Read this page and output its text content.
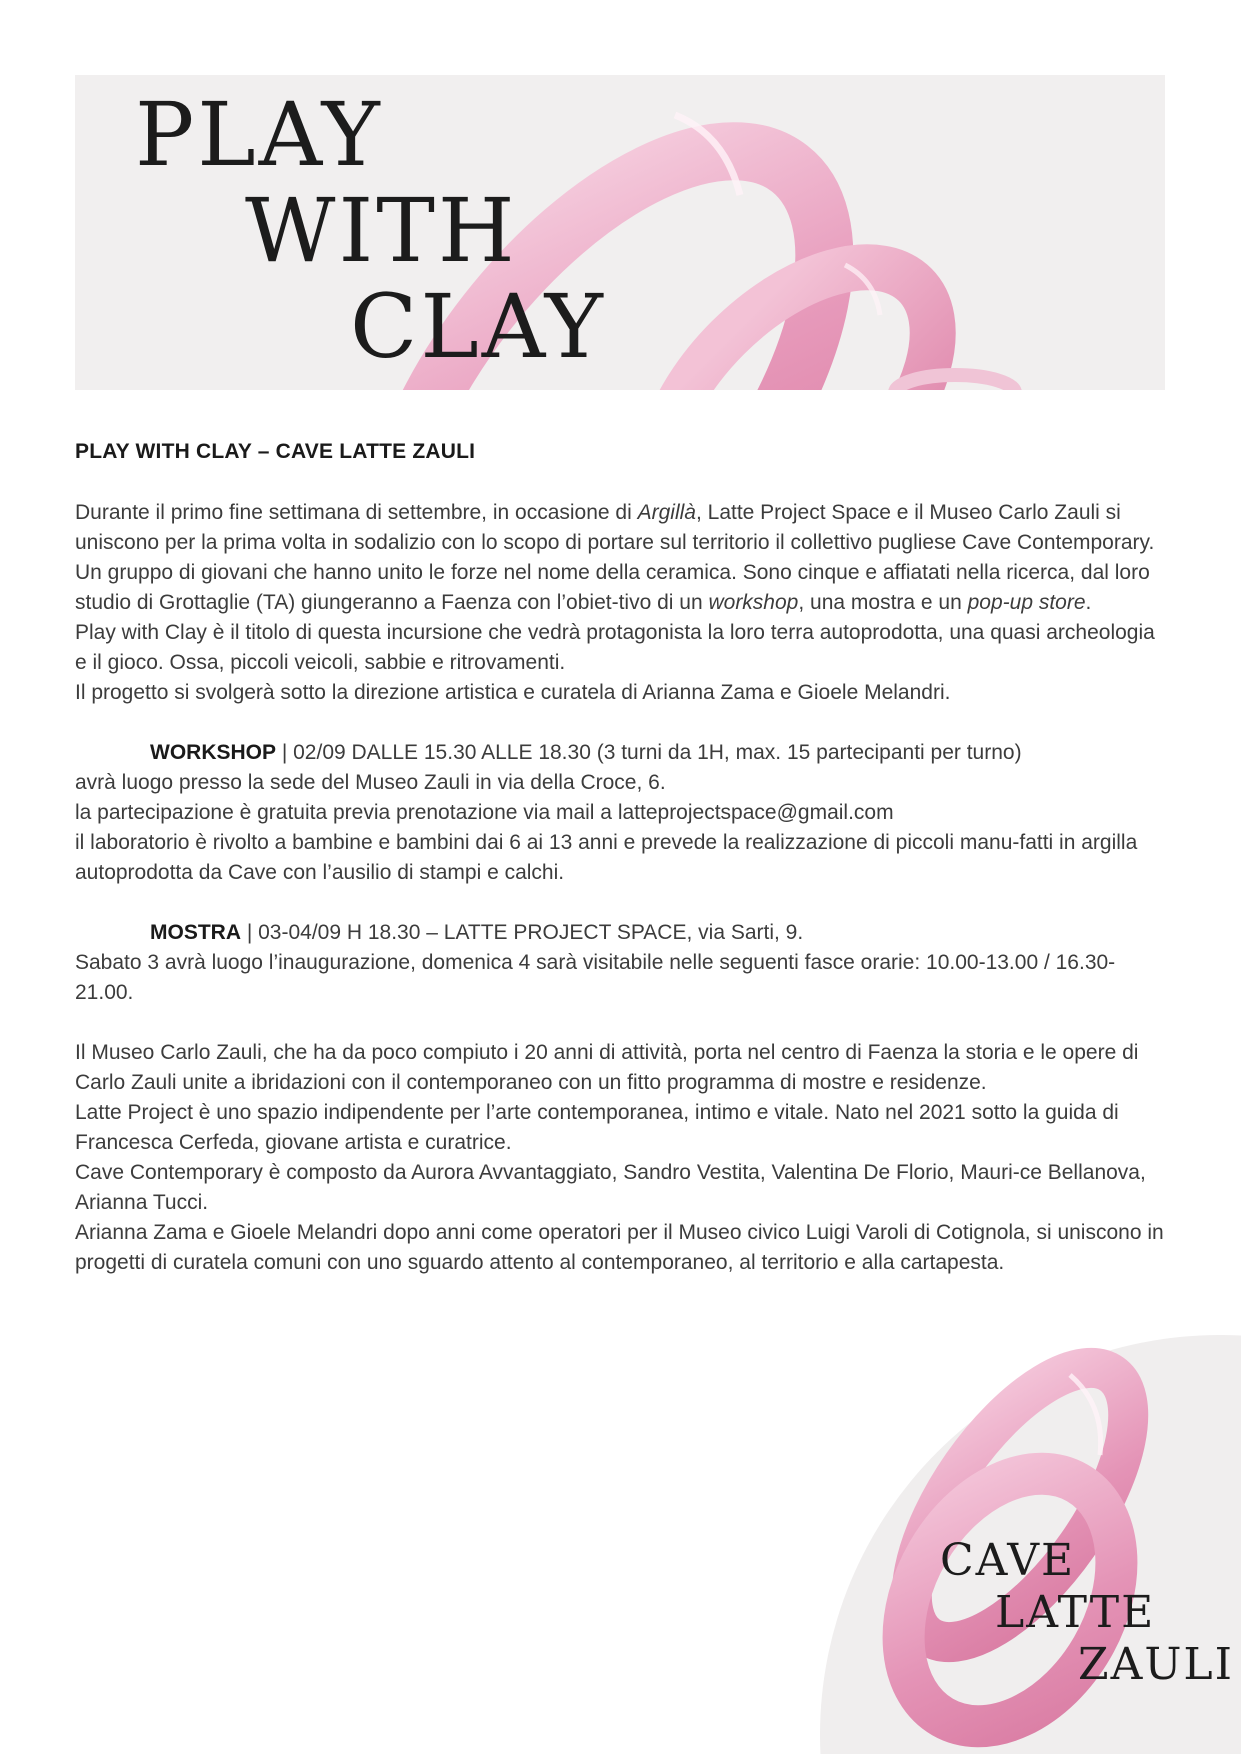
PLAY
WITH
CLAY
PLAY WITH CLAY – CAVE LATTE ZAULI

Durante il primo fine settimana di settembre, in occasione di Argillà, Latte Project Space e il Museo Carlo Zauli si uniscono per la prima volta in sodalizio con lo scopo di portare sul territorio il collettivo pugliese Cave Contemporary. Un gruppo di giovani che hanno unito le forze nel nome della ceramica. Sono cinque e affiatati nella ricerca, dal loro studio di Grottaglie (TA) giungeranno a Faenza con l’obiet-tivo di un workshop, una mostra e un pop-up store.

Play with Clay è il titolo di questa incursione che vedrà protagonista la loro terra autoprodotta, una quasi archeologia e il gioco. Ossa, piccoli veicoli, sabbie e ritrovamenti.

Il progetto si svolgerà sotto la direzione artistica e curatela di Arianna Zama e Gioele Melandri.

WORKSHOP | 02/09 DALLE 15.30 ALLE 18.30 (3 turni da 1H, max. 15 partecipanti per turno)

avrà luogo presso la sede del Museo Zauli in via della Croce, 6.

la partecipazione è gratuita previa prenotazione via mail a latteprojectspace@gmail.com

il laboratorio è rivolto a bambine e bambini dai 6 ai 13 anni e prevede la realizzazione di piccoli manu-fatti in argilla autoprodotta da Cave con l’ausilio di stampi e calchi.

MOSTRA | 03-04/09 H 18.30 – LATTE PROJECT SPACE, via Sarti, 9.

Sabato 3 avrà luogo l’inaugurazione, domenica 4 sarà visitabile nelle seguenti fasce orarie: 10.00-13.00 / 16.30-21.00.

Il Museo Carlo Zauli, che ha da poco compiuto i 20 anni di attività, porta nel centro di Faenza la storia e le opere di Carlo Zauli unite a ibridazioni con il contemporaneo con un fitto programma di mostre e residenze.

Latte Project è uno spazio indipendente per l’arte contemporanea, intimo e vitale. Nato nel 2021 sotto la guida di Francesca Cerfeda, giovane artista e curatrice.

Cave Contemporary è composto da Aurora Avvantaggiato, Sandro Vestita, Valentina De Florio, Mauri-ce Bellanova, Arianna Tucci.

Arianna Zama e Gioele Melandri dopo anni come operatori per il Museo civico Luigi Varoli di Cotignola, si uniscono in progetti di curatela comuni con uno sguardo attento al contemporaneo, al territorio e alla cartapesta.

CAVE
LATTE
ZAULI
